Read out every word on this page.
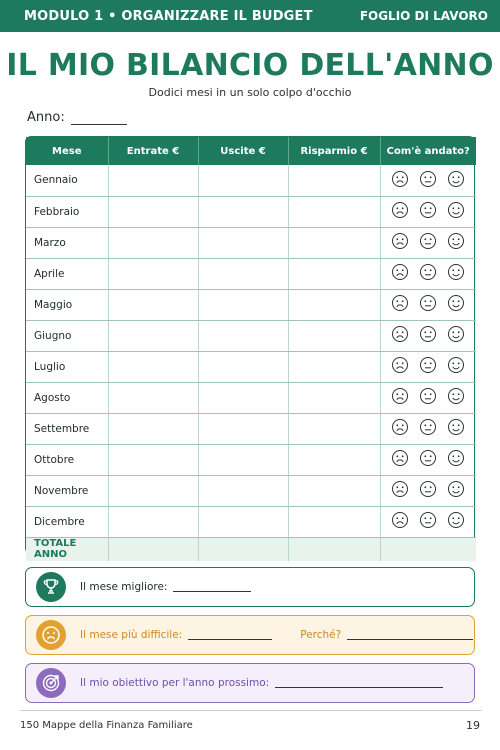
MODULO 1 • ORGANIZZARE IL BUDGET	FOGLIO DI LAVORO
IL MIO BILANCIO DELL'ANNO
Dodici mesi in un solo colpo d'occhio
Anno:
Mese	Entrate €	Uscite €	Risparmio €	Com'è andato?
Gennaio				

Febbraio				

Marzo				

Aprile				

Maggio				

Giugno				

Luglio				

Agosto				

Settembre				

Ottobre				

Novembre				

Dicembre				

TOTALE ANNO				
Il mese migliore:
Il mese più difficile:	Perché?
Il mio obiettivo per l'anno prossimo:
150 Mappe della Finanza Familiare	19
